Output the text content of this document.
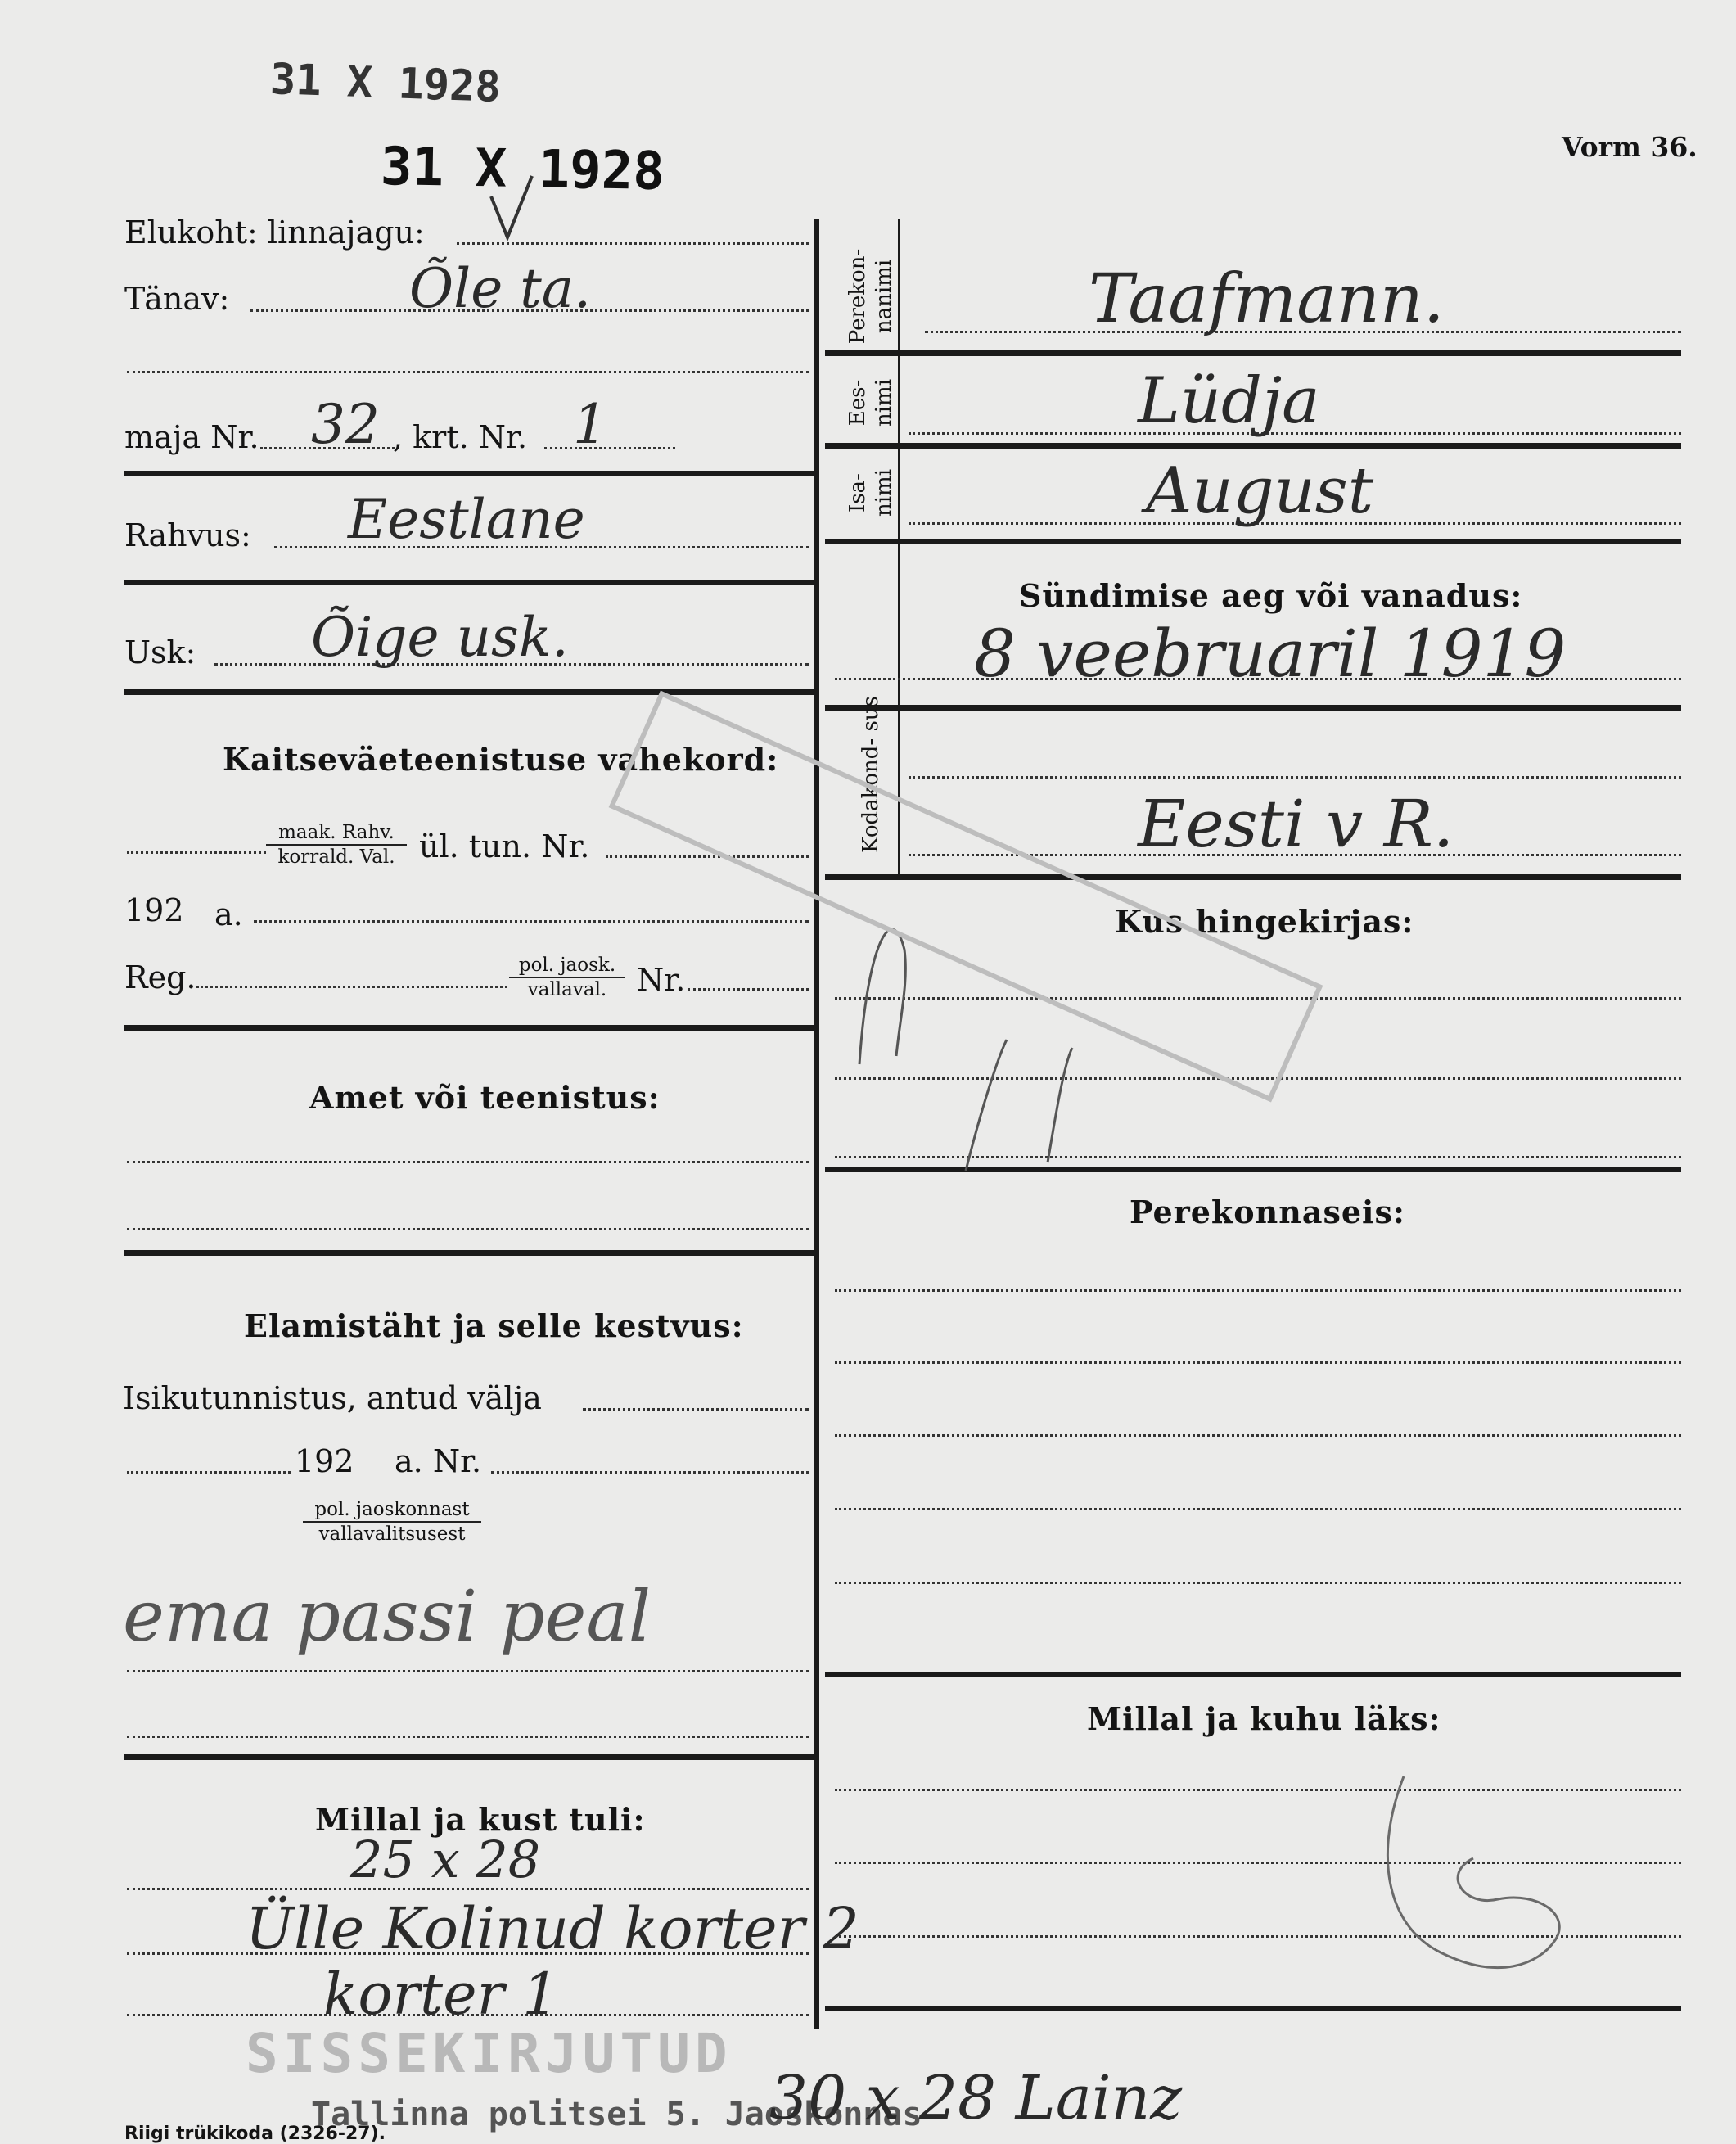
31 X 1928
31 X 1928	Vorm 36.
Elukoht: linnajagu:
Tänav:	Õle ta.
maja Nr. 32 , krt. Nr. 1
Rahvus: Eestlane
Usk: Õige usk.
Kaitseväeteenistuse vahekord:
maak. Rahv.
korrald. Val. ül. tun. Nr.
192 a.
Reg.	pol. jaosk.
vallaval. Nr.
Amet või teenistus:
Elamistäht ja selle kestvus:
Isikutunnistus, antud välja
192 a. Nr.
pol. jaoskonnast
vallavalitsusest
ema passi peal
Millal ja kust tuli:
25 x 28
Ülle Kolinud korter 2
korter 1
SISSEKIRJUTUD
Tallinna politsei 5. Jaoskonnas
Riigi trükikoda (2326-27).
30 x 28 Lainz
Perekon- nanimi	Taafmann.
Ees- nimi	Lüdja
Isa- nimi	August
Sündimise aeg või vanadus:
8 veebruaril 1919
Kodakond- sus	Eesti v R.
Kus hingekirjas:
Perekonnaseis:
Millal ja kuhu läks:
